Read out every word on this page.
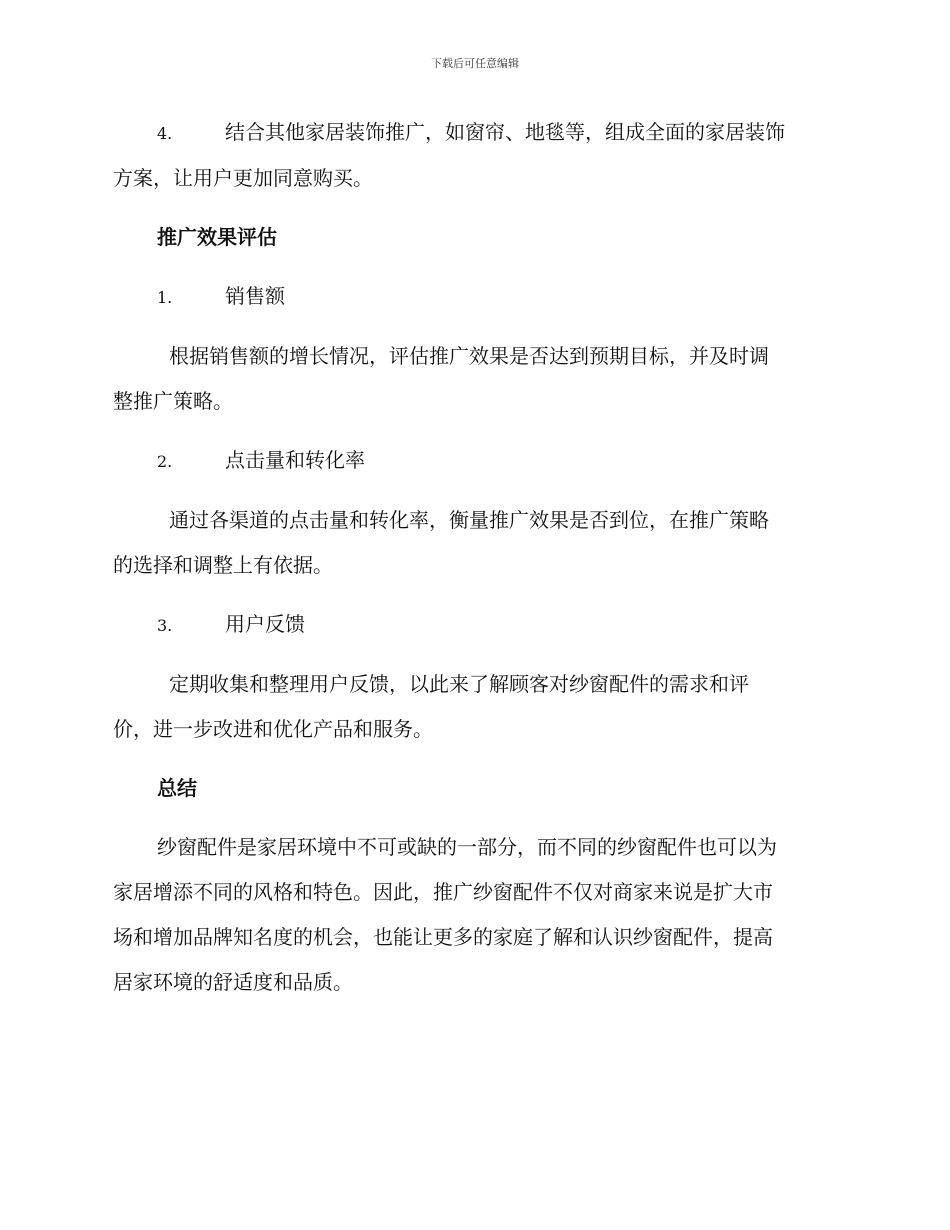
下载后可任意编辑
4.	结合其他家居装饰推广，如窗帘、地毯等，组成全面的家居装饰
方案，让用户更加同意购买。
推广效果评估
1.	销售额
根据销售额的增长情况，评估推广效果是否达到预期目标，并及时调
整推广策略。
2.	点击量和转化率
通过各渠道的点击量和转化率，衡量推广效果是否到位，在推广策略
的选择和调整上有依据。
3.	用户反馈
定期收集和整理用户反馈，以此来了解顾客对纱窗配件的需求和评
价，进一步改进和优化产品和服务。
总结
纱窗配件是家居环境中不可或缺的一部分，而不同的纱窗配件也可以为
家居增添不同的风格和特色。因此，推广纱窗配件不仅对商家来说是扩大市
场和增加品牌知名度的机会，也能让更多的家庭了解和认识纱窗配件，提高
居家环境的舒适度和品质。
